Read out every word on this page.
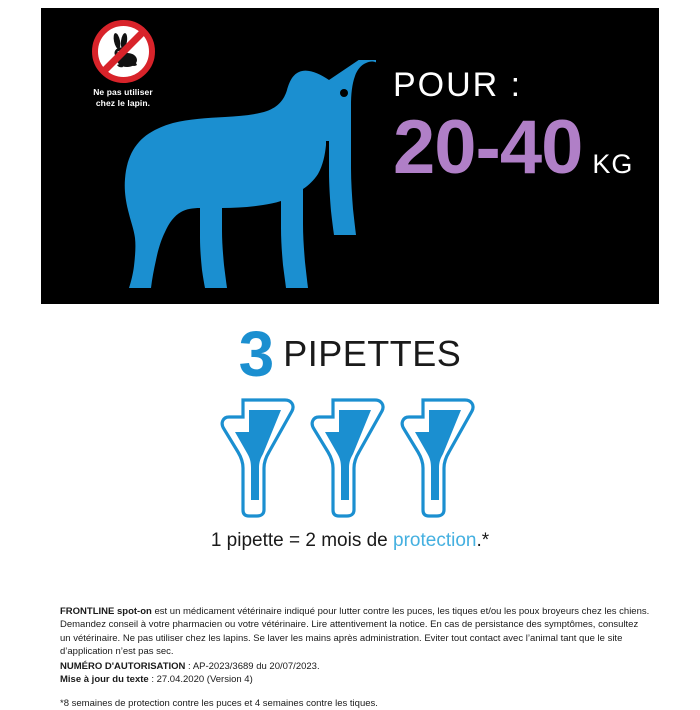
Ne pas utiliser
chez le lapin.	POUR :
20-40 KG
3 PIPETTES
1 pipette = 2 mois de protection.*

FRONTLINE spot-on est un médicament vétérinaire indiqué pour lutter contre les puces, les tiques et/ou les poux broyeurs chez les chiens. Demandez conseil à votre pharmacien ou votre vétérinaire. Lire attentivement la notice. En cas de persistance des symptômes, consultez un vétérinaire. Ne pas utiliser chez les lapins. Se laver les mains après administration. Eviter tout contact avec l’animal tant que le site d’application n’est pas sec.

NUMÉRO D'AUTORISATION : AP-2023/3689 du 20/07/2023.
Mise à jour du texte : 27.04.2020 (Version 4)
*8 semaines de protection contre les puces et 4 semaines contre les tiques.
